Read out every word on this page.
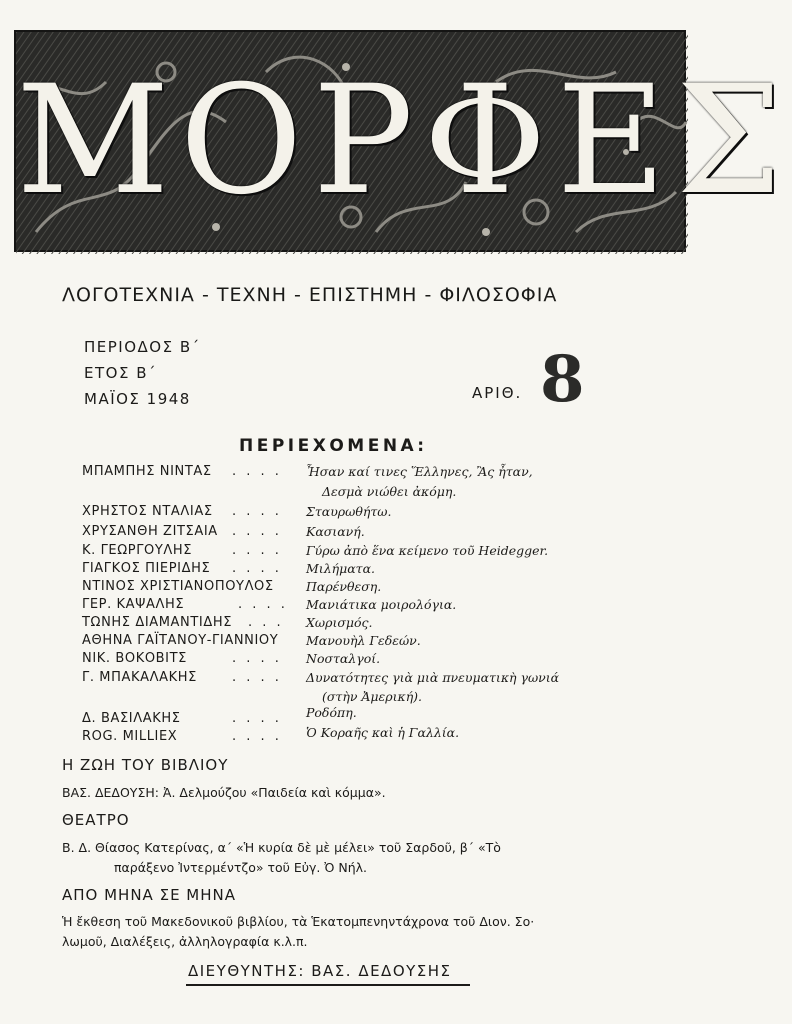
ΜΟΡΦΕΣ
ΛΟΓΟΤΕΧΝΙΑ - ΤΕΧΝΗ - ΕΠΙΣΤΗΜΗ - ΦΙΛΟΣΟΦΙΑ
ΠΕΡΙΟΔΟΣ Β΄
ΕΤΟΣ Β΄
ΜΑΪΟΣ 1948	ΑΡΙΘ. 8
ΠΕΡΙΕΧΟΜΕΝΑ:
ΜΠΑΜΠΗΣ ΝΙΝΤΑΣ . . . . Ἦσαν καί τινες Ἕλληνες, Ἂς ἦταν,
Δεσμὰ νιώθει ἀκόμη.
ΧΡΗΣΤΟΣ ΝΤΑΛΙΑΣ . . . . Σταυρωθήτω.
ΧΡΥΣΑΝΘΗ ΖΙΤΣΑΙΑ . . . . Κασιανή.
Κ. ΓΕΩΡΓΟΥΛΗΣ	. . . . Γύρω ἀπὸ ἕνα κείμενο τοῦ Heidegger.
ΓΙΑΓΚΟΣ ΠΙΕΡΙΔΗΣ . . . . Μιλήματα.
ΝΤΙΝΟΣ ΧΡΙΣΤΙΑΝΟΠΟΥΛΟΣ	Παρένθεση.
ΓΕΡ. ΚΑΨΑΛΗΣ	. . . . Μανιάτικα μοιρολόγια.
ΤΩΝΗΣ ΔΙΑΜΑΝΤΙΔΗΣ . . . Χωρισμός.
ΑΘΗΝΑ ΓΑΪΤΑΝΟΥ-ΓΙΑΝΝΙΟΥ Μανουὴλ Γεδεών.
ΝΙΚ. ΒΟΚΟΒΙΤΣ	. . . . Νοσταλγοί.
Γ. ΜΠΑΚΑΛΑΚΗΣ	. . . . Δυνατότητες γιὰ μιὰ πνευματικὴ γωνιά
(στὴν Ἀμερική).
Δ. ΒΑΣΙΛΑΚΗΣ	. . . . Ροδόπη.
ROG. MILLIEX	. . . . Ὁ Κοραῆς καὶ ἡ Γαλλία.
Η ΖΩΗ ΤΟΥ ΒΙΒΛΙΟΥ
ΒΑΣ. ΔΕΔΟΥΣΗ: Ἀ. Δελμούζου «Παιδεία καὶ κόμμα».
ΘΕΑΤΡΟ
Β. Δ. Θίασος Κατερίνας, α΄ «Ἡ κυρία δὲ μὲ μέλει» τοῦ Σαρδοῦ, β΄ «Τὸ
παράξενο Ἰντερμέντζο» τοῦ Εὐγ. Ὀ Νήλ.
ΑΠΟ ΜΗΝΑ ΣΕ ΜΗΝΑ
Ἡ ἔκθεση τοῦ Μακεδονικοῦ βιβλίου, τὰ Ἑκατομπενηντάχρονα τοῦ Διον. Σο·
λωμοῦ, Διαλέξεις, ἀλληλογραφία κ.λ.π.
ΔΙΕΥΘΥΝΤΗΣ: ΒΑΣ. ΔΕΔΟΥΣΗΣ
